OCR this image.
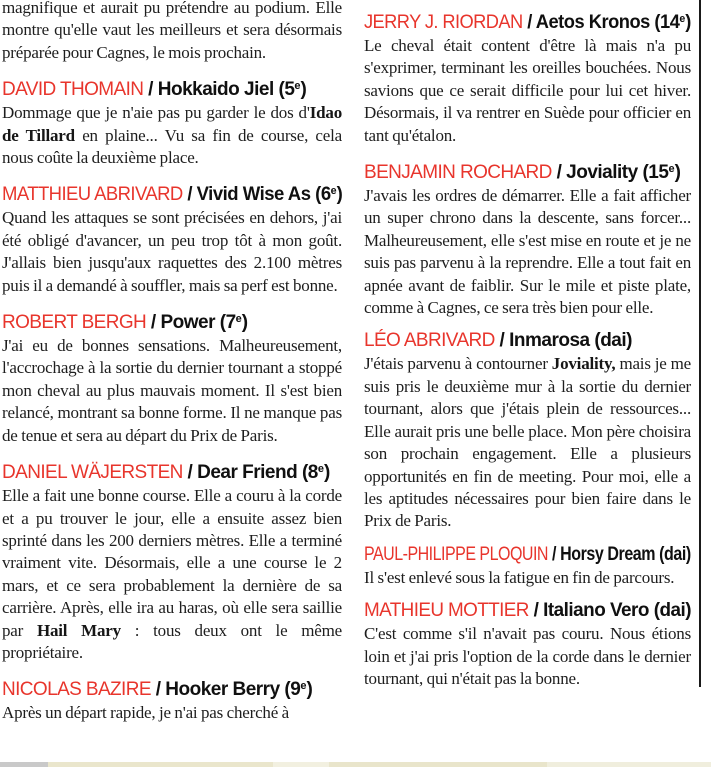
magnifique et aurait pu prétendre au podium. Elle montre qu'elle vaut les meilleurs et sera désormais préparée pour Cagnes, le mois prochain.

DAVID THOMAIN / Hokkaido Jiel (5e)

Dommage que je n'aie pas pu garder le dos d'Idao de Tillard en plaine... Vu sa fin de course, cela nous coûte la deuxième place.

MATTHIEU ABRIVARD / Vivid Wise As (6e)

Quand les attaques se sont précisées en dehors, j'ai été obligé d'avancer, un peu trop tôt à mon goût. J'allais bien jusqu'aux raquettes des 2.100 mètres puis il a demandé à souffler, mais sa perf est bonne.

ROBERT BERGH / Power (7e)

J'ai eu de bonnes sensations. Malheureusement, l'accrochage à la sortie du dernier tournant a stoppé mon cheval au plus mauvais moment. Il s'est bien relancé, montrant sa bonne forme. Il ne manque pas de tenue et sera au départ du Prix de Paris.

DANIEL WÄJERSTEN / Dear Friend (8e)

Elle a fait une bonne course. Elle a couru à la corde et a pu trouver le jour, elle a ensuite assez bien sprinté dans les 200 derniers mètres. Elle a terminé vraiment vite. Désormais, elle a une course le 2 mars, et ce sera probablement la dernière de sa carrière. Après, elle ira au haras, où elle sera saillie par Hail Mary : tous deux ont le même propriétaire.

NICOLAS BAZIRE / Hooker Berry (9e)

Après un départ rapide, je n'ai pas cherché à

JERRY J. RIORDAN / Aetos Kronos (14e)

Le cheval était content d'être là mais n'a pu s'exprimer, terminant les oreilles bouchées. Nous savions que ce serait difficile pour lui cet hiver. Désormais, il va rentrer en Suède pour officier en tant qu'étalon.

BENJAMIN ROCHARD / Joviality (15e)

J'avais les ordres de démarrer. Elle a fait afficher un super chrono dans la descente, sans forcer... Malheureusement, elle s'est mise en route et je ne suis pas parvenu à la reprendre. Elle a tout fait en apnée avant de faiblir. Sur le mile et piste plate, comme à Cagnes, ce sera très bien pour elle.

LÉO ABRIVARD / Inmarosa (dai)

J'étais parvenu à contourner Joviality, mais je me suis pris le deuxième mur à la sortie du dernier tournant, alors que j'étais plein de ressources... Elle aurait pris une belle place. Mon père choisira son prochain engagement. Elle a plusieurs opportunités en fin de meeting. Pour moi, elle a les aptitudes nécessaires pour bien faire dans le Prix de Paris.

PAUL-PHILIPPE PLOQUIN / Horsy Dream (dai)

Il s'est enlevé sous la fatigue en fin de parcours.

MATHIEU MOTTIER / Italiano Vero (dai)

C'est comme s'il n'avait pas couru. Nous étions loin et j'ai pris l'option de la corde dans le dernier tournant, qui n'était pas la bonne.
